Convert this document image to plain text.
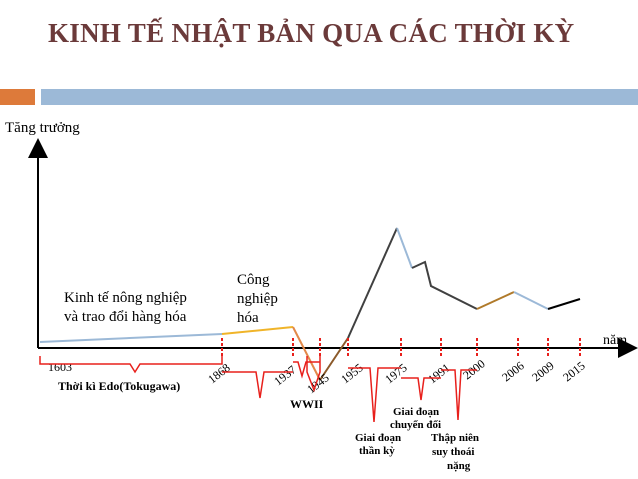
KINH TẾ NHẬT BẢN QUA CÁC THỜI KỲ
Tăng trưởng
năm
1603	1868	1937 1945 1955 1975 1991 2000 2006 2009 2015
Kinh tế nông nghiệp
và trao đổi hàng hóa
Công
nghiệp
hóa
Thời kì Edo(Tokugawa)
WWII
Giai đoạn
thần kỳ
Giai đoạn
chuyển đổi
Thập niên
suy thoái
nặng
